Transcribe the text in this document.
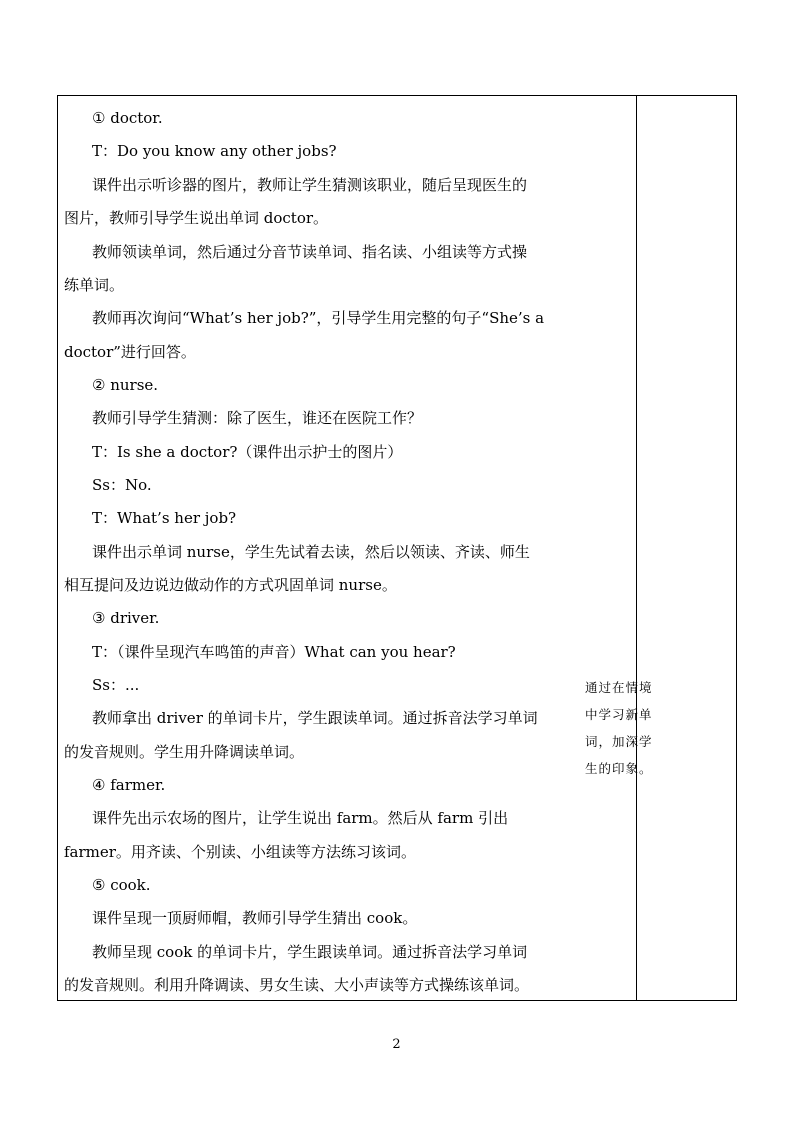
① doctor.
T：Do you know any other jobs?
课件出示听诊器的图片，教师让学生猜测该职业，随后呈现医生的
图片，教师引导学生说出单词 doctor。
教师领读单词，然后通过分音节读单词、指名读、小组读等方式操
练单词。
教师再次询问“What’s her job?”，引导学生用完整的句子“She’s a
doctor”进行回答。
② nurse.
教师引导学生猜测：除了医生，谁还在医院工作？
T：Is she a doctor?（课件出示护士的图片）
Ss：No.
T：What’s her job?
课件出示单词 nurse，学生先试着去读，然后以领读、齐读、师生
相互提问及边说边做动作的方式巩固单词 nurse。
③ driver.
T：（课件呈现汽车鸣笛的声音）What can you hear?
Ss：...
教师拿出 driver 的单词卡片，学生跟读单词。通过拆音法学习单词
的发音规则。学生用升降调读单词。
④ farmer.
课件先出示农场的图片，让学生说出 farm。然后从 farm 引出
farmer。用齐读、个别读、小组读等方法练习该词。
⑤ cook.
课件呈现一顶厨师帽，教师引导学生猜出 cook。
教师呈现 cook 的单词卡片，学生跟读单词。通过拆音法学习单词
的发音规则。利用升降调读、男女生读、大小声读等方式操练该单词。
通过在情境
中学习新单
词，加深学
生的印象。
2
